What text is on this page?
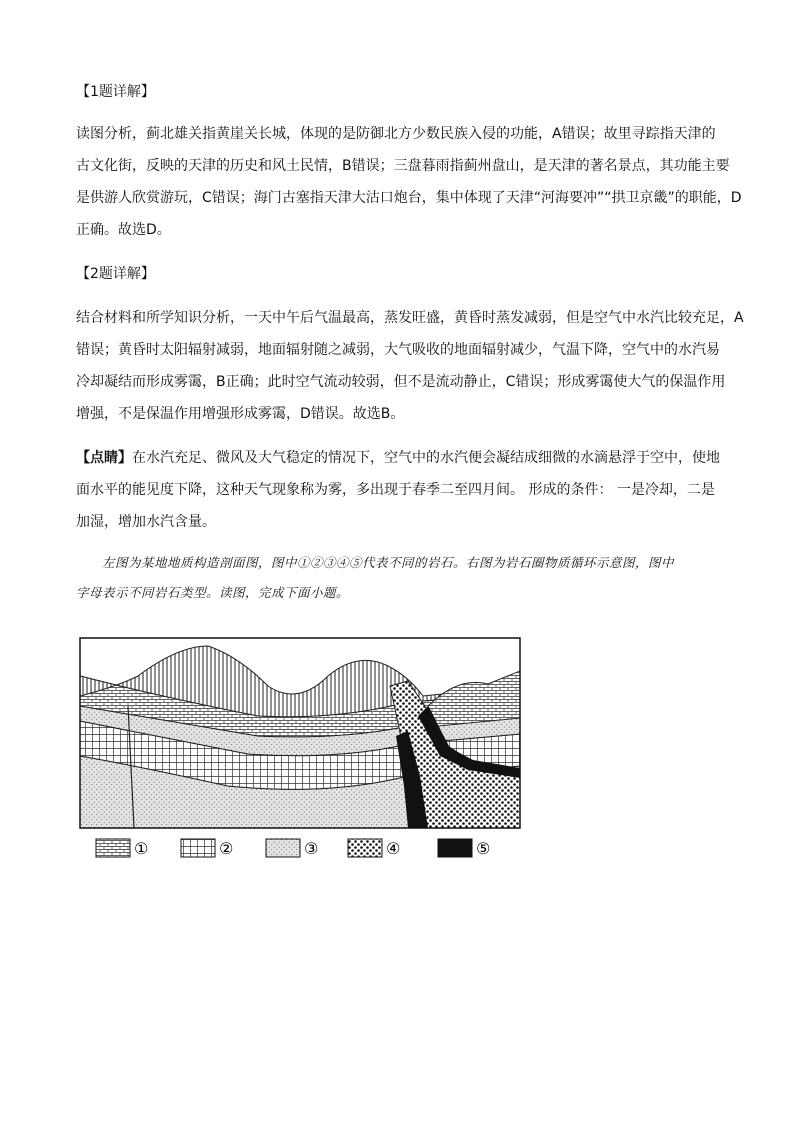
【1题详解】
读图分析，蓟北雄关指黄崖关长城，体现的是防御北方少数民族入侵的功能，A错误；故里寻踪指天津的
古文化街，反映的天津的历史和风土民情，B错误；三盘暮雨指蓟州盘山，是天津的著名景点，其功能主要
是供游人欣赏游玩，C错误；海门古塞指天津大沽口炮台，集中体现了天津“河海要冲”“拱卫京畿”的职能，D
正确。故选D。
【2题详解】
结合材料和所学知识分析，一天中午后气温最高，蒸发旺盛，黄昏时蒸发减弱，但是空气中水汽比较充足，A
错误；黄昏时太阳辐射减弱，地面辐射随之减弱，大气吸收的地面辐射减少，气温下降，空气中的水汽易
冷却凝结而形成雾霭，B正确；此时空气流动较弱，但不是流动静止，C错误；形成雾霭使大气的保温作用
增强，不是保温作用增强形成雾霭，D错误。故选B。
【点睛】在水汽充足、微风及大气稳定的情况下，空气中的水汽便会凝结成细微的水滴悬浮于空中，使地
面水平的能见度下降，这种天气现象称为雾，多出现于春季二至四月间。 形成的条件： 一是冷却，二是
加湿，增加水汽含量。
左图为某地地质构造剖面图，图中①②③④⑤代表不同的岩石。右图为岩石圈物质循环示意图，图中
字母表示不同岩石类型。读图，完成下面小题。
①	②	③	④	⑤
